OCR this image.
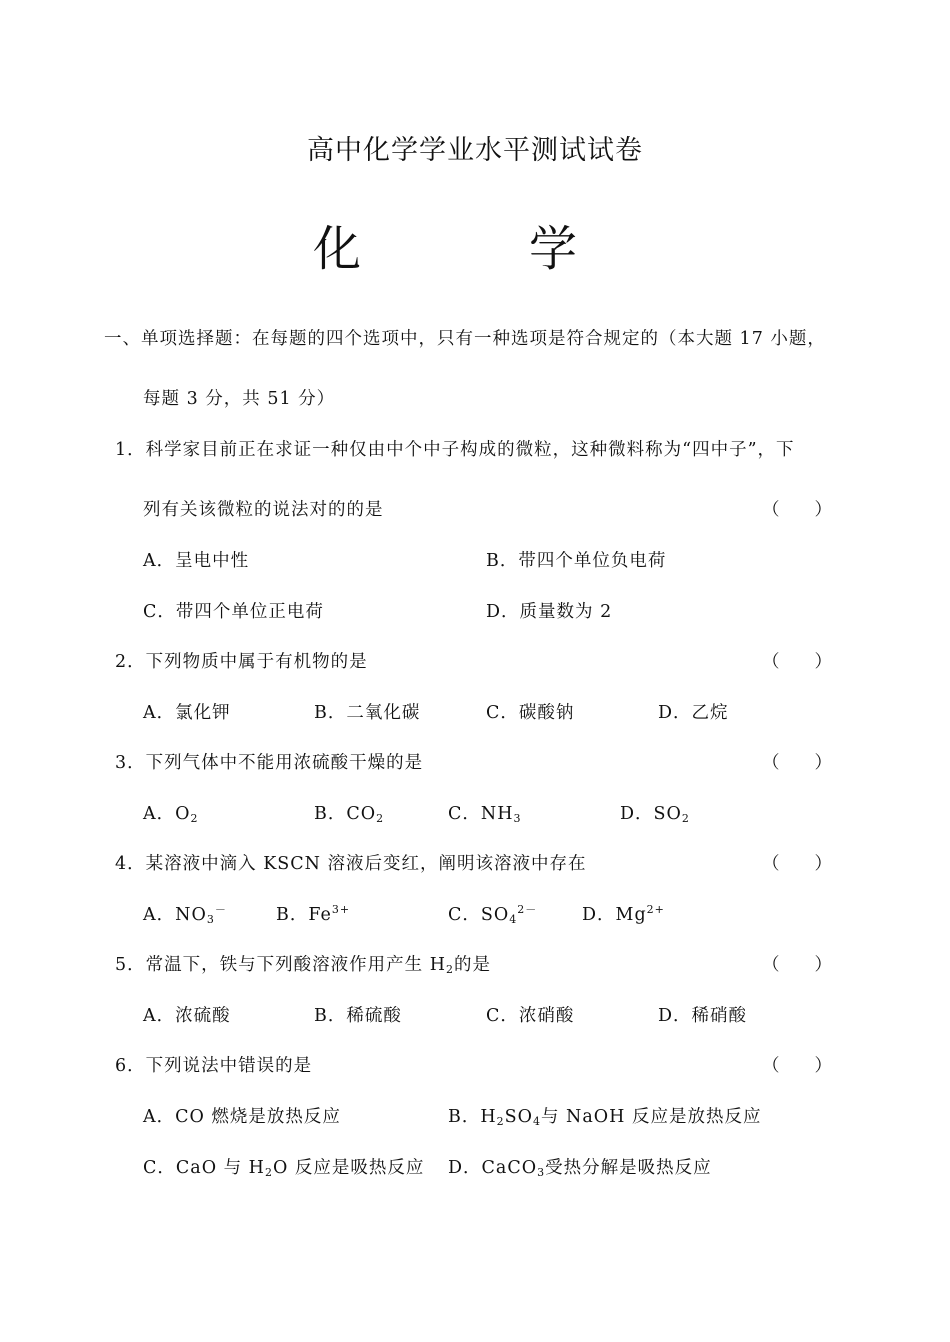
高中化学学业水平测试试卷
化　学
一、单项选择题：在每题的四个选项中，只有一种选项是符合规定的（本大题 17 小题，
每题 3 分，共 51 分）
1．科学家目前正在求证一种仅由中个中子构成的微粒，这种微料称为“四中子”，下
列有关该微粒的说法对的的是	（　　）
A．呈电中性	B．带四个单位负电荷
C．带四个单位正电荷	D．质量数为 2
2．下列物质中属于有机物的是	（　　）
A．氯化钾	B．二氧化碳	C．碳酸钠	D．乙烷
3．下列气体中不能用浓硫酸干燥的是	（　　）
A．$O_2$	B．$CO_2$	C．$NH_3$	D．$SO_2$
4．某溶液中滴入 KSCN 溶液后变红，阐明该溶液中存在	（　　）
A．$NO_3^-$	B．$Fe^{3+}$	C．$SO_4^{2-}$	D．$Mg^{2+}$
5．常温下，铁与下列酸溶液作用产生 $H_2$的是	（　　）
A．浓硫酸	B．稀硫酸	C．浓硝酸	D．稀硝酸
6．下列说法中错误的是	（　　）
A．CO 燃烧是放热反应	B．$H_2SO_4$与 NaOH 反应是放热反应
C．CaO 与 $H_2O$ 反应是吸热反应 D．CaCO$_3$受热分解是吸热反应
